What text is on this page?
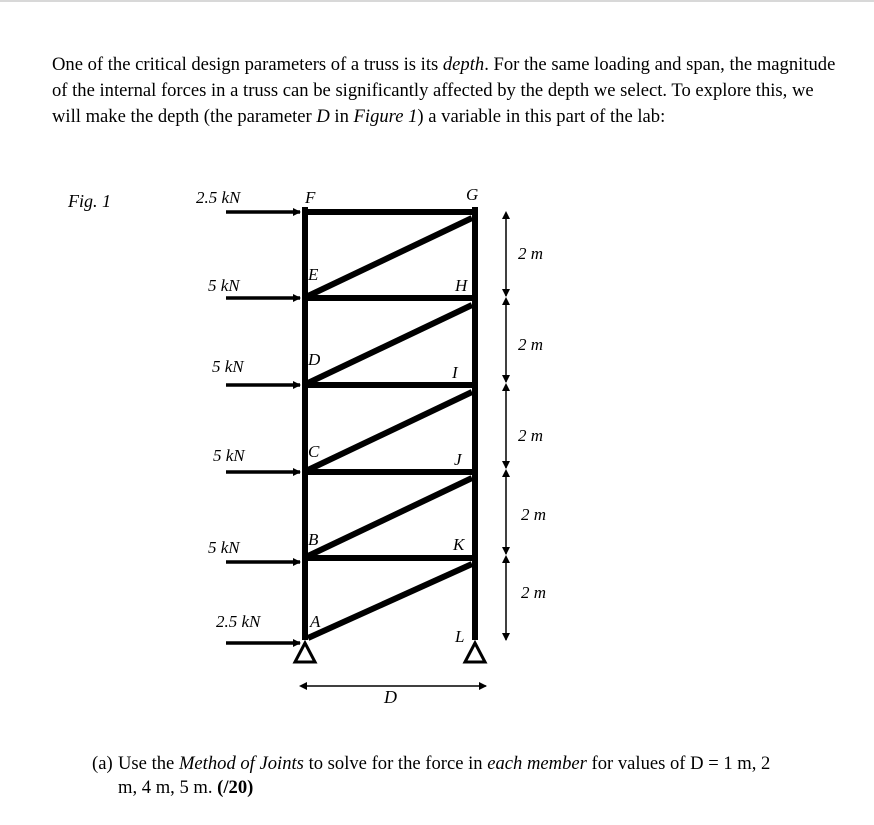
One of the critical design parameters of a truss is its depth. For the same loading and span, the magnitude of the internal forces in a truss can be significantly affected by the depth we select. To explore this, we will make the depth (the parameter D in Figure 1) a variable in this part of the lab:

Fig. 1	2.5 kN
5 kN
5 kN
5 kN
5 kN
2.5 kN
F
E
D
C
B
A
G
H
I
J
K
L
2 m
2 m
2 m
2 m
2 m
D

(a) Use the Method of Joints to solve for the force in each member for values of D = 1 m, 2
m, 4 m, 5 m. (/20)
